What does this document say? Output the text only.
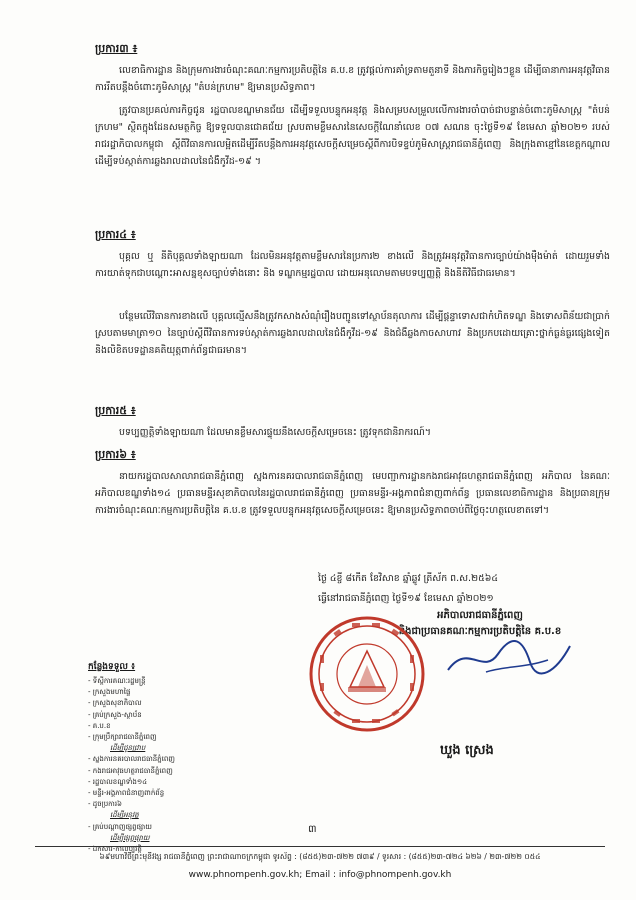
ប្រការ៣ ៖
លេខាធិការដ្ឋាន និងក្រុមការងារចំណុះគណៈកម្មការប្រតិបត្តិនៃ គ.ប.ខ ត្រូវផ្តល់ការគាំទ្រតាមតួនាទី និងភារកិច្ចរៀងៗខ្លួន ដើម្បីធានាការអនុវត្តវិធានការរឹតបន្តឹងចំពោះភូមិសាស្ត្រ "តំបន់ក្រហម" ឱ្យមានប្រសិទ្ធភាព។
ត្រូវបានប្រគល់ភារកិច្ចជូន រដ្ឋបាលខណ្ឌមានជ័យ ដើម្បីទទួលបន្ទុកអនុវត្ត និងសម្របសម្រួលលើការងារចាំបាច់ជាបន្ទាន់ចំពោះភូមិសាស្ត្រ "តំបន់ក្រហម" ស្ថិតក្នុងដែនសមត្ថកិច្ច ឱ្យទទួលបានជោគជ័យ ស្របតាមខ្លឹមសារនៃសេចក្តីណែនាំលេខ ០៧ សណន ចុះថ្ងៃទី១៩ ខែមេសា ឆ្នាំ២០២១ របស់រាជរដ្ឋាភិបាលកម្ពុជា ស្តីពីវិធានការលម្អិតដើម្បីរឹតបន្តឹងការអនុវត្តសេចក្តីសម្រេចស្តីពីការបិទខ្ទប់ភូមិសាស្ត្ររាជធានីភ្នំពេញ និងក្រុងតាខ្មៅនៃខេត្តកណ្តាល ដើម្បីទប់ស្កាត់ការឆ្លងរាលដាលនៃជំងឺកូវីដ-១៩ ។
ប្រការ៤ ៖
បុគ្គល ឬ នីតិបុគ្គលទាំងឡាយណា ដែលមិនអនុវត្តតាមខ្លឹមសារនៃប្រការ២ ខាងលើ និងត្រូវអនុវត្តវិធានការច្បាប់យ៉ាងម៉ឺងម៉ាត់ ដោយរួមទាំងការយាត់ទុកជាបណ្តោះអាសន្នខុសច្បាប់ទាំងនោះ និង ទណ្ឌកម្មរដ្ឋបាល ដោយអនុលោមតាមបទប្បញ្ញត្តិ និងនីតិវិធីជាធរមាន។
បន្ថែមលើវិធានការខាងលើ បុគ្គលល្មើសនឹងត្រូវកសាងសំណុំរឿងបញ្ជូនទៅស្ថាប័នតុលាការ ដើម្បីផ្តន្ទាទោសជាកំហិតទណ្ឌ និងទោសពិន័យជាប្រាក់ ស្របតាមមាត្រា១០ នៃច្បាប់ស្តីពីវិធានការទប់ស្កាត់ការឆ្លងរាលដាលនៃជំងឺកូវីដ-១៩ និងជំងឺឆ្លងកាចសាហាវ និងប្រកបដោយគ្រោះថ្នាក់ធ្ងន់ធ្ងរផ្សេងទៀត និងលិខិតបទដ្ឋានគតិយុត្តពាក់ព័ន្ធជាធរមាន។
ប្រការ៥ ៖
បទប្បញ្ញត្តិទាំងឡាយណា ដែលមានខ្លឹមសារផ្ទុយនឹងសេចក្តីសម្រេចនេះ ត្រូវទុកជានិរាករណ៍។
ប្រការ៦ ៖
នាយករដ្ឋបាលសាលារាជធានីភ្នំពេញ ស្នងការនគរបាលរាជធានីភ្នំពេញ មេបញ្ជាការដ្ឋានកងរាជអាវុធហត្ថរាជធានីភ្នំពេញ អភិបាល នៃគណៈអភិបាលខណ្ឌទាំង១៤ ប្រធានមន្ទីរសុខាភិបាលនៃរដ្ឋបាលរាជធានីភ្នំពេញ ប្រធានមន្ទីរ-អង្គភាពជំនាញពាក់ព័ន្ធ ប្រធានលេខាធិការដ្ឋាន និងប្រធានក្រុមការងារចំណុះគណៈកម្មការប្រតិបត្តិនៃ គ.ប.ខ ត្រូវទទួលបន្ទុកអនុវត្តសេចក្តីសម្រេចនេះ ឱ្យមានប្រសិទ្ធភាពចាប់ពីថ្ងៃចុះហត្ថលេខាតទៅ។
ថ្ងៃ ៤ខ្ចី ៨កើត ខែវិសាខ ឆ្នាំឆ្លូវ ត្រីស័ក ព.ស.២៥៦៤
ធ្វើនៅរាជធានីភ្នំពេញ ថ្ងៃទី១៩ ខែមេសា ឆ្នាំ២០២១
អភិបាលរាជធានីភ្នំពេញ
និងជាប្រធានគណៈកម្មការប្រតិបត្តិនៃ គ.ប.ខ
ឃួង ស្រេង
កន្លែងទទួល ៖
- ទីស្តីការគណៈរដ្ឋមន្ត្រី
- ក្រសួងមហាផ្ទៃ
- ក្រសួងសុខាភិបាល
- គ្រប់ក្រសួង-ស្ថាប័ន
- គ.ប.ខ
- ក្រុមប្រឹក្សារាជធានីភ្នំពេញ
ដើម្បីជូនជ្រាប
- ស្នងការនគរបាលរាជធានីភ្នំពេញ
- កងរាជអាវុធហត្ថរាជធានីភ្នំពេញ
- រដ្ឋបាលខណ្ឌទាំង១៤
- មន្ទីរ-អង្គភាពជំនាញពាក់ព័ន្ធ
- ដូចប្រការ៦
ដើម្បីអនុវត្ត
- គ្រប់បណ្តាញផ្សព្វផ្សាយ
ដើម្បីផ្សព្វផ្សាយ
- ឯកសារ-កាលប្បវត្តិ
៣
៦៩មហាវិថីព្រះមុនីវង្ស រាជធានីភ្នំពេញ ព្រះរាជាណាចក្រកម្ពុជា ទូរស័ព្ទ : (៨៥៥)២៣-៧២២ ៧៣៩ / ទូរសារ : (៨៥៥)២៣-៧២៤ ៦២៦ / ២៣-៧២២ ០៥៤
www.phnompenh.gov.kh; Email : info@phnompenh.gov.kh
